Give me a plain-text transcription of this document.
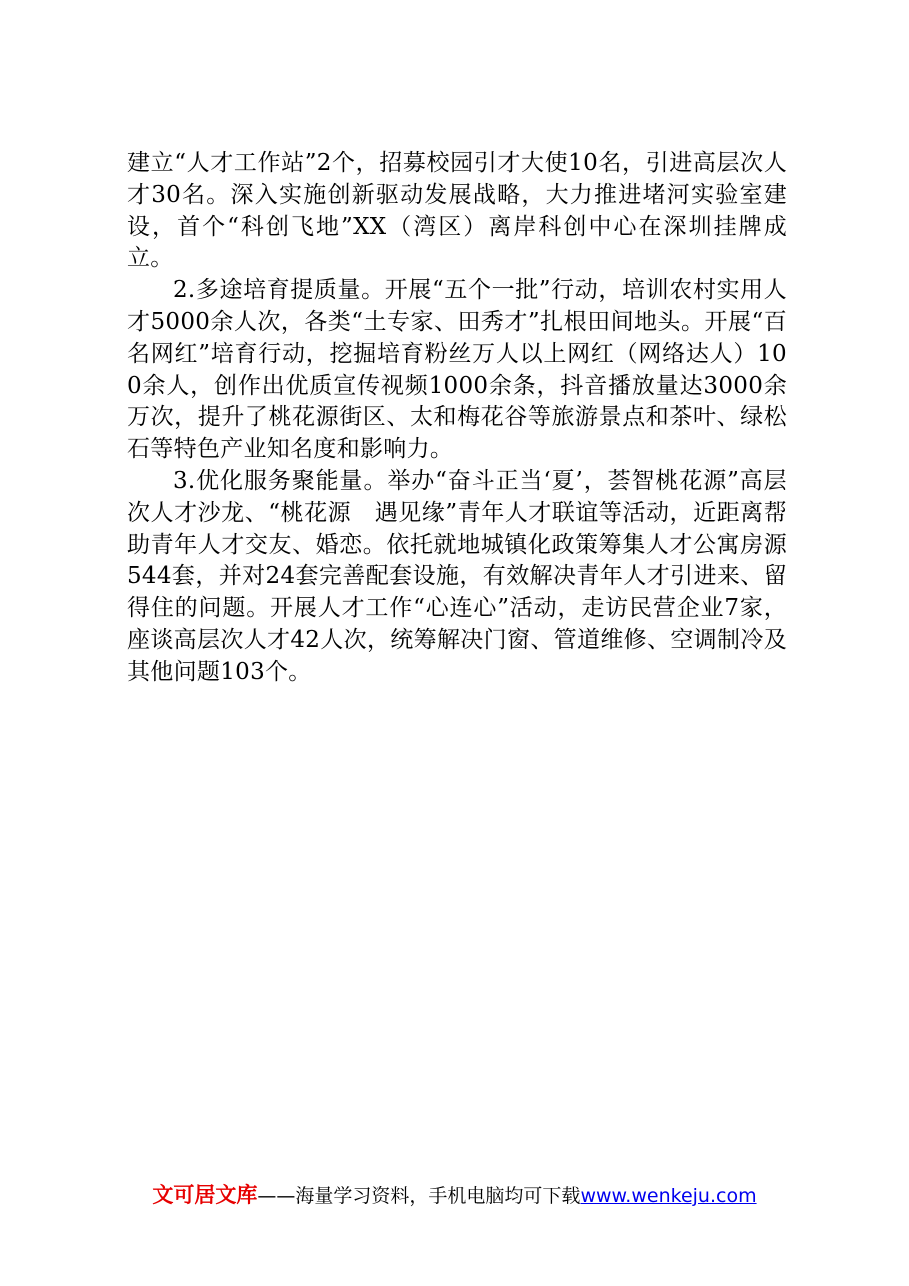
建立“人才工作站”2个，招募校园引才大使10名，引进高层次人才30名。深入实施创新驱动发展战略，大力推进堵河实验室建设，首个“科创飞地”XX（湾区）离岸科创中心在深圳挂牌成立。

2.多途培育提质量。开展“五个一批”行动，培训农村实用人才5000余人次，各类“土专家、田秀才”扎根田间地头。开展“百名网红”培育行动，挖掘培育粉丝万人以上网红（网络达人）100余人，创作出优质宣传视频1000余条，抖音播放量达3000余万次，提升了桃花源街区、太和梅花谷等旅游景点和茶叶、绿松石等特色产业知名度和影响力。

3.优化服务聚能量。举办“奋斗正当‘夏’，荟智桃花源”高层次人才沙龙、“桃花源　遇见缘”青年人才联谊等活动，近距离帮助青年人才交友、婚恋。依托就地城镇化政策筹集人才公寓房源544套，并对24套完善配套设施，有效解决青年人才引进来、留得住的问题。开展人才工作“心连心”活动，走访民营企业7家，座谈高层次人才42人次，统筹解决门窗、管道维修、空调制冷及其他问题103个。

文可居文库——海量学习资料，手机电脑均可下载www.wenkeju.com
